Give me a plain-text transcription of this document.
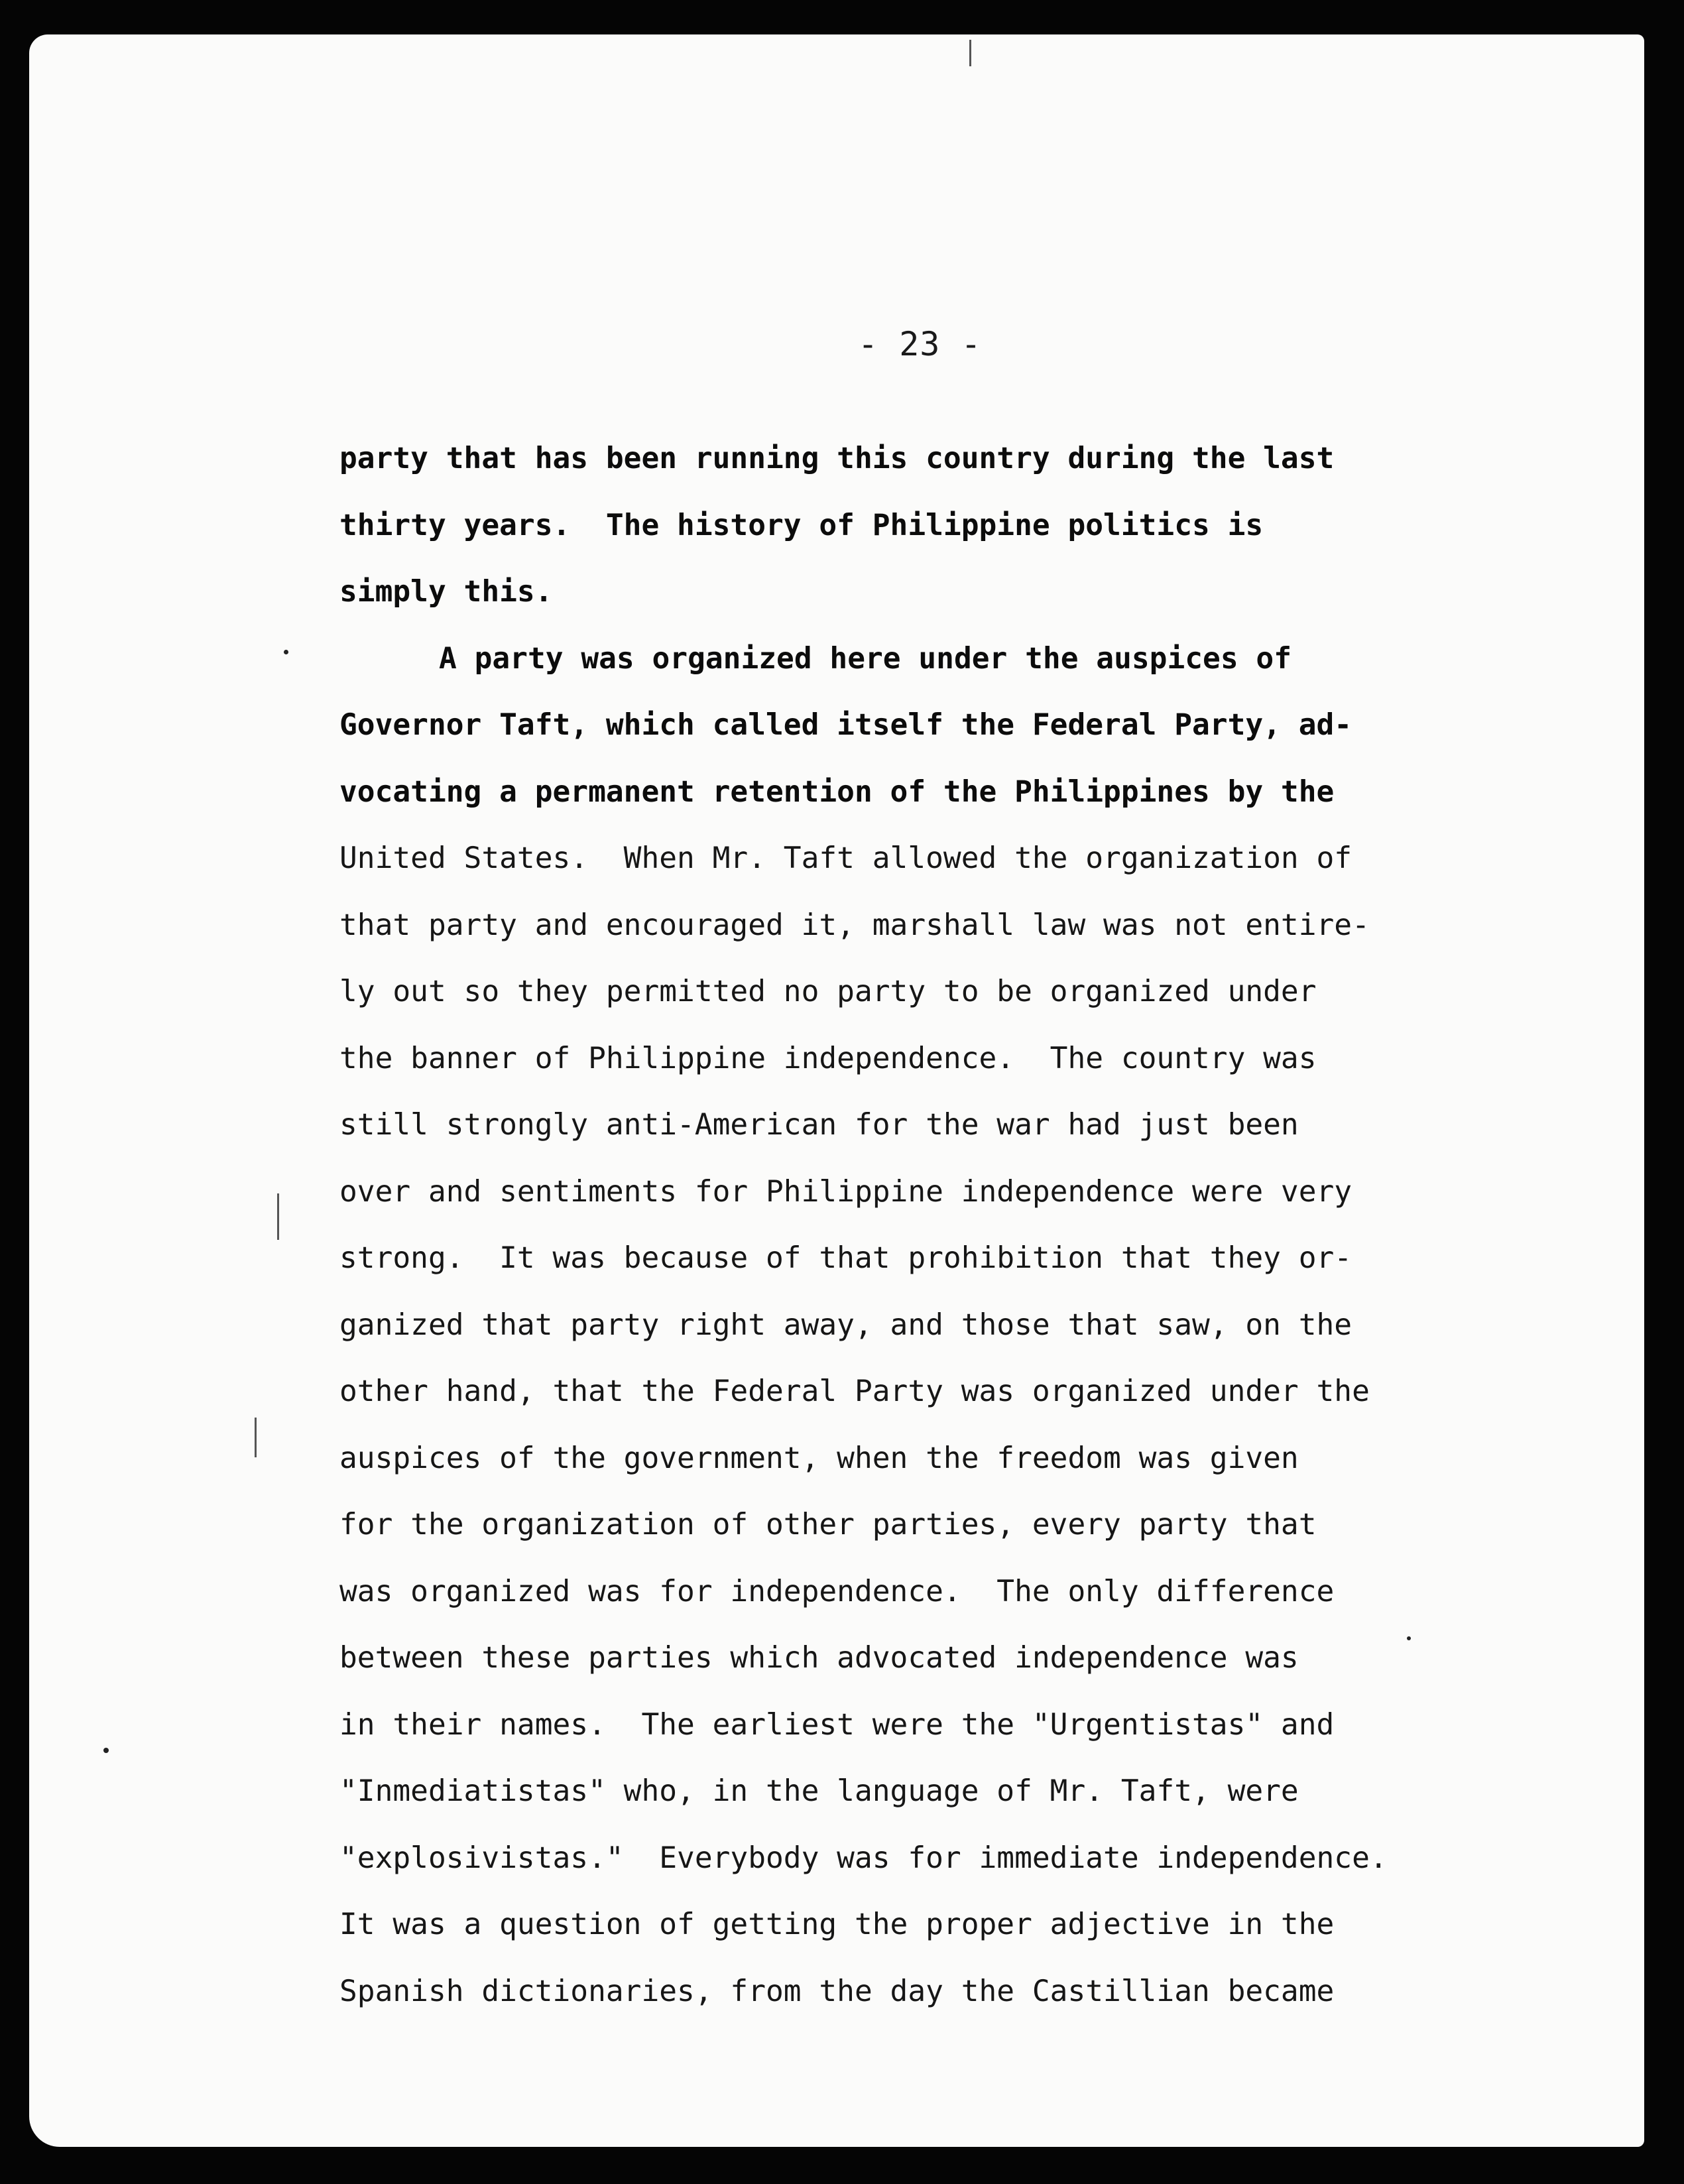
- 23 -
party that has been running this country during the last
thirty years.  The history of Philippine politics is
simply this.
A party was organized here under the auspices of
Governor Taft, which called itself the Federal Party, ad-
vocating a permanent retention of the Philippines by the
United States.  When Mr. Taft allowed the organization of
that party and encouraged it, marshall law was not entire-
ly out so they permitted no party to be organized under
the banner of Philippine independence.  The country was
still strongly anti-American for the war had just been
over and sentiments for Philippine independence were very
strong.  It was because of that prohibition that they or-
ganized that party right away, and those that saw, on the
other hand, that the Federal Party was organized under the
auspices of the government, when the freedom was given
for the organization of other parties, every party that
was organized was for independence.  The only difference
between these parties which advocated independence was
in their names.  The earliest were the "Urgentistas" and
"Inmediatistas" who, in the language of Mr. Taft, were
"explosivistas."  Everybody was for immediate independence.
It was a question of getting the proper adjective in the
Spanish dictionaries, from the day the Castillian became
